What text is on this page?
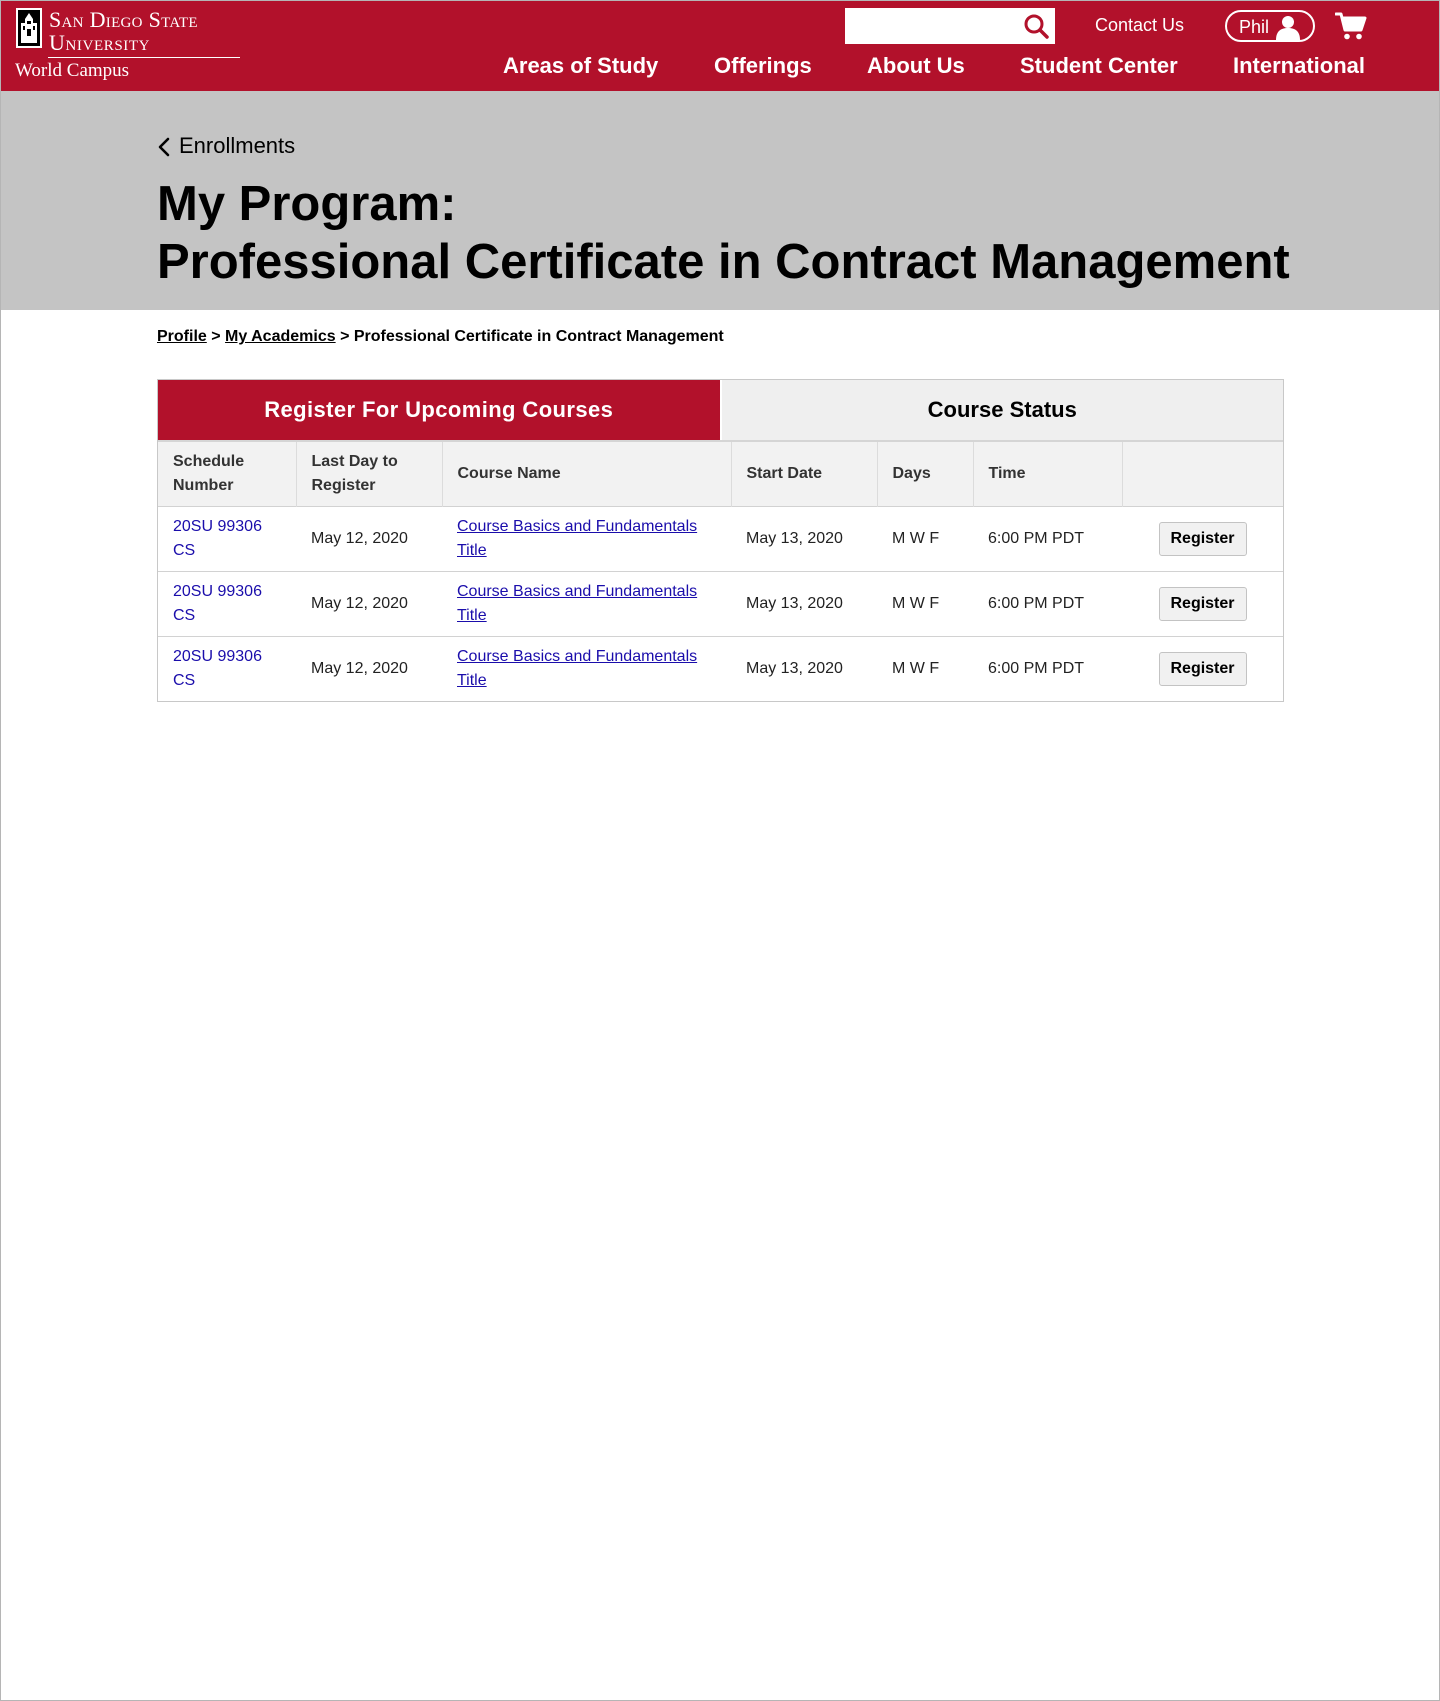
San Diego State
University
World Campus
Contact Us	Phil
Areas of Study	Offerings	About Us	Student Center	International
Enrollments
My Program:
Professional Certificate in Contract Management
Profile > My Academics > Professional Certificate in Contract Management
Register For Upcoming Courses	Course Status
Schedule Number	Last Day to Register	Course Name	Start Date	Days	Time	
20SU 99306 CS	May 12, 2020	Course Basics and Fundamentals Title	May 13, 2020	M W F	6:00 PM PDT	Register
20SU 99306 CS	May 12, 2020	Course Basics and Fundamentals Title	May 13, 2020	M W F	6:00 PM PDT	Register
20SU 99306 CS	May 12, 2020	Course Basics and Fundamentals Title	May 13, 2020	M W F	6:00 PM PDT	Register
